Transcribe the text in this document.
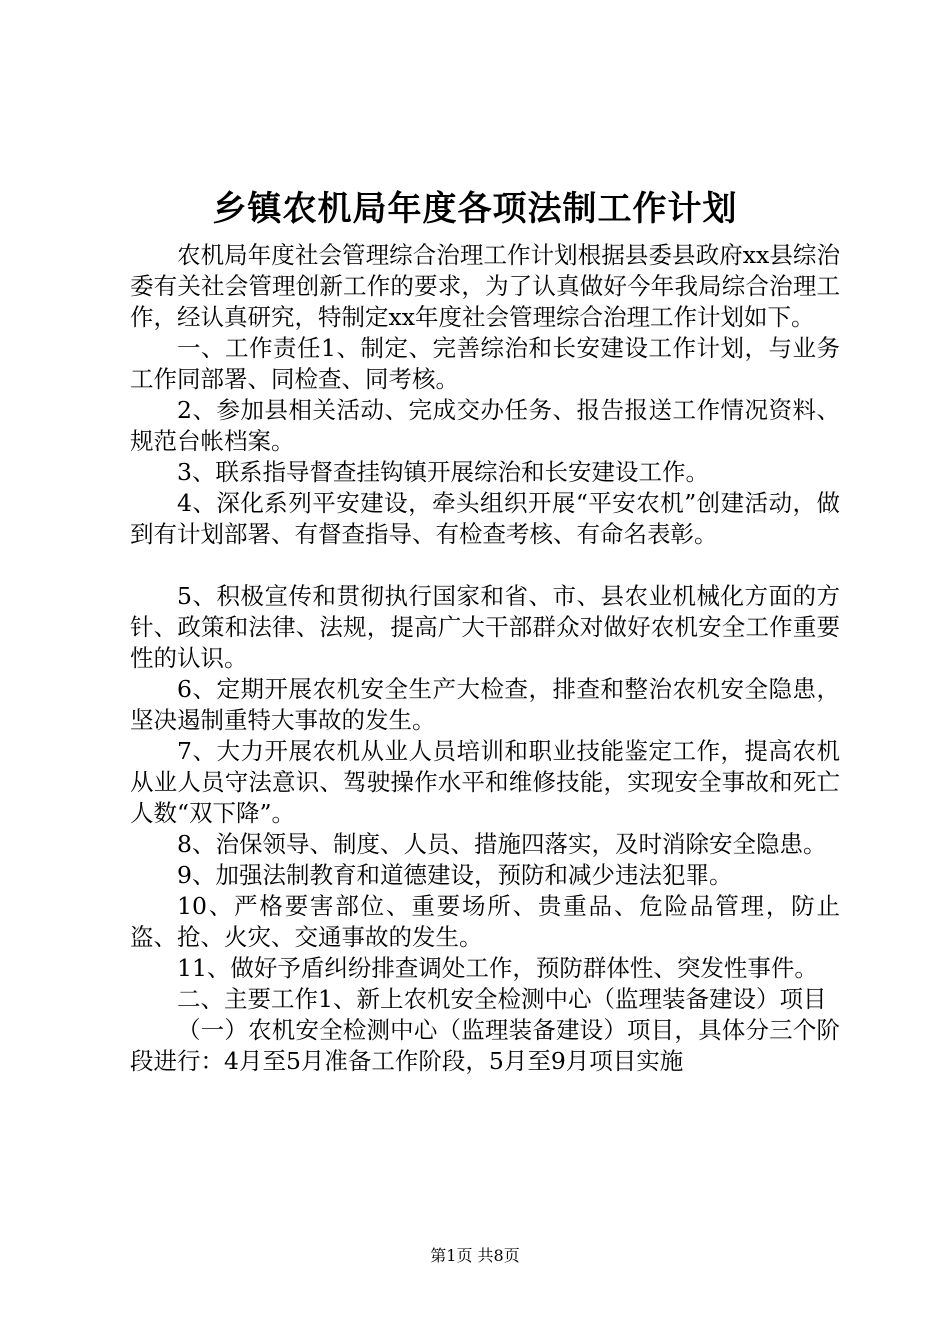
乡镇农机局年度各项法制工作计划

农机局年度社会管理综合治理工作计划根据县委县政府xx县综治委有关社会管理创新工作的要求，为了认真做好今年我局综合治理工作，经认真研究，特制定xx年度社会管理综合治理工作计划如下。

一、工作责任1、制定、完善综治和长安建设工作计划，与业务工作同部署、同检查、同考核。

2、参加县相关活动、完成交办任务、报告报送工作情况资料、规范台帐档案。

3、联系指导督查挂钩镇开展综治和长安建设工作。

4、深化系列平安建设，牵头组织开展“平安农机”创建活动，做到有计划部署、有督查指导、有检查考核、有命名表彰。

5、积极宣传和贯彻执行国家和省、市、县农业机械化方面的方针、政策和法律、法规，提高广大干部群众对做好农机安全工作重要性的认识。

6、定期开展农机安全生产大检查，排查和整治农机安全隐患，坚决遏制重特大事故的发生。

7、大力开展农机从业人员培训和职业技能鉴定工作，提高农机从业人员守法意识、驾驶操作水平和维修技能，实现安全事故和死亡人数“双下降”。

8、治保领导、制度、人员、措施四落实，及时消除安全隐患。

9、加强法制教育和道德建设，预防和减少违法犯罪。

10、严格要害部位、重要场所、贵重品、危险品管理，防止盗、抢、火灾、交通事故的发生。

11、做好予盾纠纷排查调处工作，预防群体性、突发性事件。

二、主要工作1、新上农机安全检测中心（监理装备建设）项目

（一）农机安全检测中心（监理装备建设）项目，具体分三个阶段进行：4月至5月准备工作阶段，5月至9月项目实施

第1页 共8页
